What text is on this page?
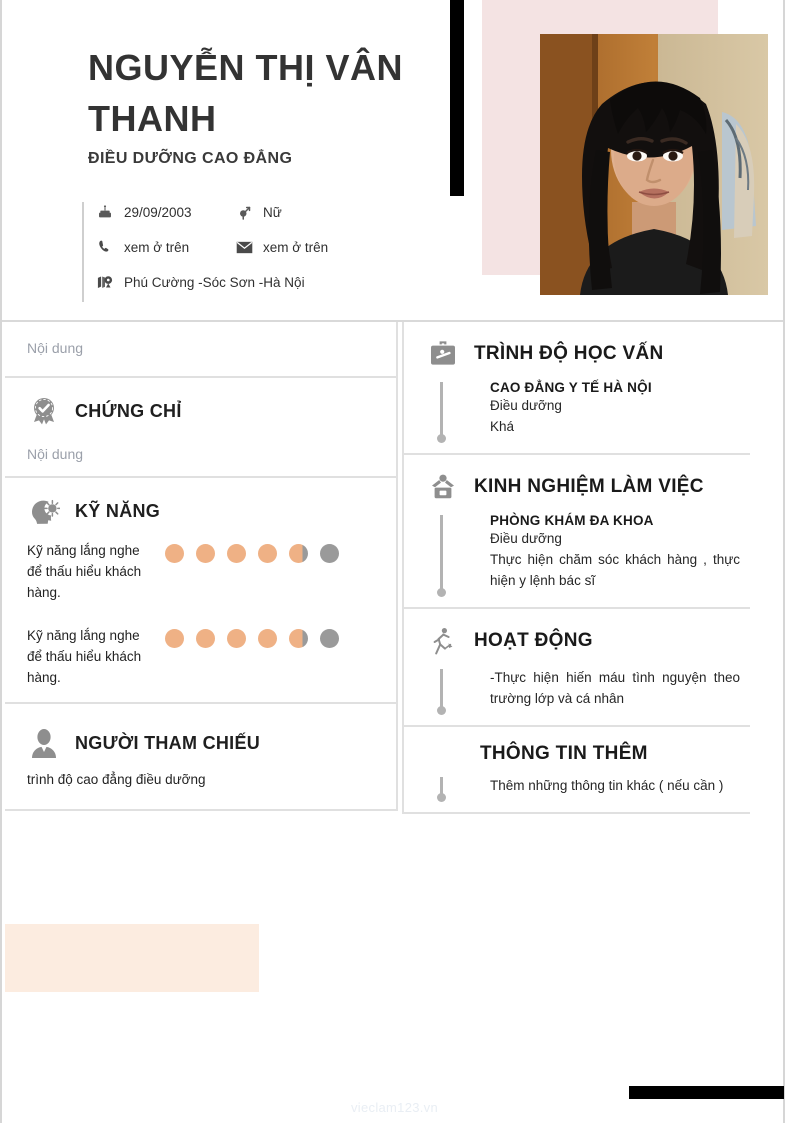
NGUYỄN THỊ VÂN THANH
ĐIỀU DƯỠNG CAO ĐẲNG
29/09/2003	Nữ
xem ở trên	xem ở trên
Phú Cường -Sóc Sơn -Hà Nội
Nội dung
CHỨNG CHỈ
Nội dung
KỸ NĂNG
Kỹ năng lắng nghe để thấu hiểu khách hàng.
Kỹ năng lắng nghe để thấu hiểu khách hàng.
NGƯỜI THAM CHIẾU
trình độ cao đẳng điều dưỡng
TRÌNH ĐỘ HỌC VẤN
CAO ĐẲNG Y TẾ HÀ NỘI
Điều dưỡng
Khá
KINH NGHIỆM LÀM VIỆC
PHÒNG KHÁM ĐA KHOA
Điều dưỡng
Thực hiện chăm sóc khách hàng , thực hiện y lệnh bác sĩ
HOẠT ĐỘNG
-Thực hiện hiến máu tình nguyện theo trường lớp và cá nhân
THÔNG TIN THÊM
Thêm những thông tin khác ( nếu cần )
vieclam123.vn
